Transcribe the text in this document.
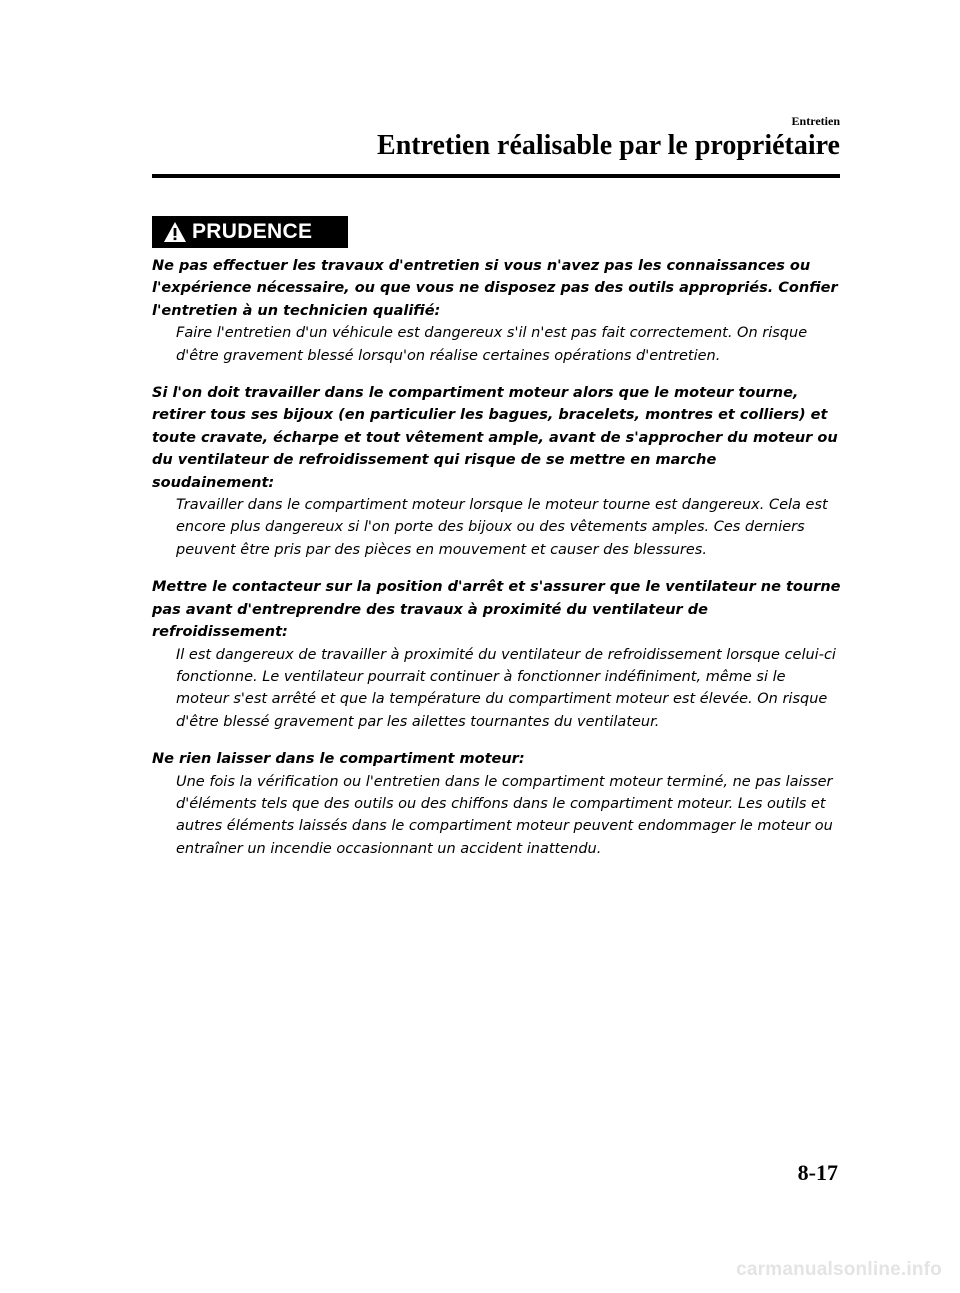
Entretien
Entretien réalisable par le propriétaire
PRUDENCE

Ne pas effectuer les travaux d'entretien si vous n'avez pas les connaissances ou l'expérience nécessaire, ou que vous ne disposez pas des outils appropriés. Confier l'entretien à un technicien qualifié:

Faire l'entretien d'un véhicule est dangereux s'il n'est pas fait correctement. On risque d'être gravement blessé lorsqu'on réalise certaines opérations d'entretien.

Si l'on doit travailler dans le compartiment moteur alors que le moteur tourne, retirer tous ses bijoux (en particulier les bagues, bracelets, montres et colliers) et toute cravate, écharpe et tout vêtement ample, avant de s'approcher du moteur ou du ventilateur de refroidissement qui risque de se mettre en marche soudainement:

Travailler dans le compartiment moteur lorsque le moteur tourne est dangereux. Cela est encore plus dangereux si l'on porte des bijoux ou des vêtements amples. Ces derniers peuvent être pris par des pièces en mouvement et causer des blessures.

Mettre le contacteur sur la position d'arrêt et s'assurer que le ventilateur ne tourne pas avant d'entreprendre des travaux à proximité du ventilateur de refroidissement:

Il est dangereux de travailler à proximité du ventilateur de refroidissement lorsque celui-ci fonctionne. Le ventilateur pourrait continuer à fonctionner indéfiniment, même si le moteur s'est arrêté et que la température du compartiment moteur est élevée. On risque d'être blessé gravement par les ailettes tournantes du ventilateur.

Ne rien laisser dans le compartiment moteur:

Une fois la vérification ou l'entretien dans le compartiment moteur terminé, ne pas laisser d'éléments tels que des outils ou des chiffons dans le compartiment moteur. Les outils et autres éléments laissés dans le compartiment moteur peuvent endommager le moteur ou entraîner un incendie occasionnant un accident inattendu.

8-17
carmanualsonline.info
